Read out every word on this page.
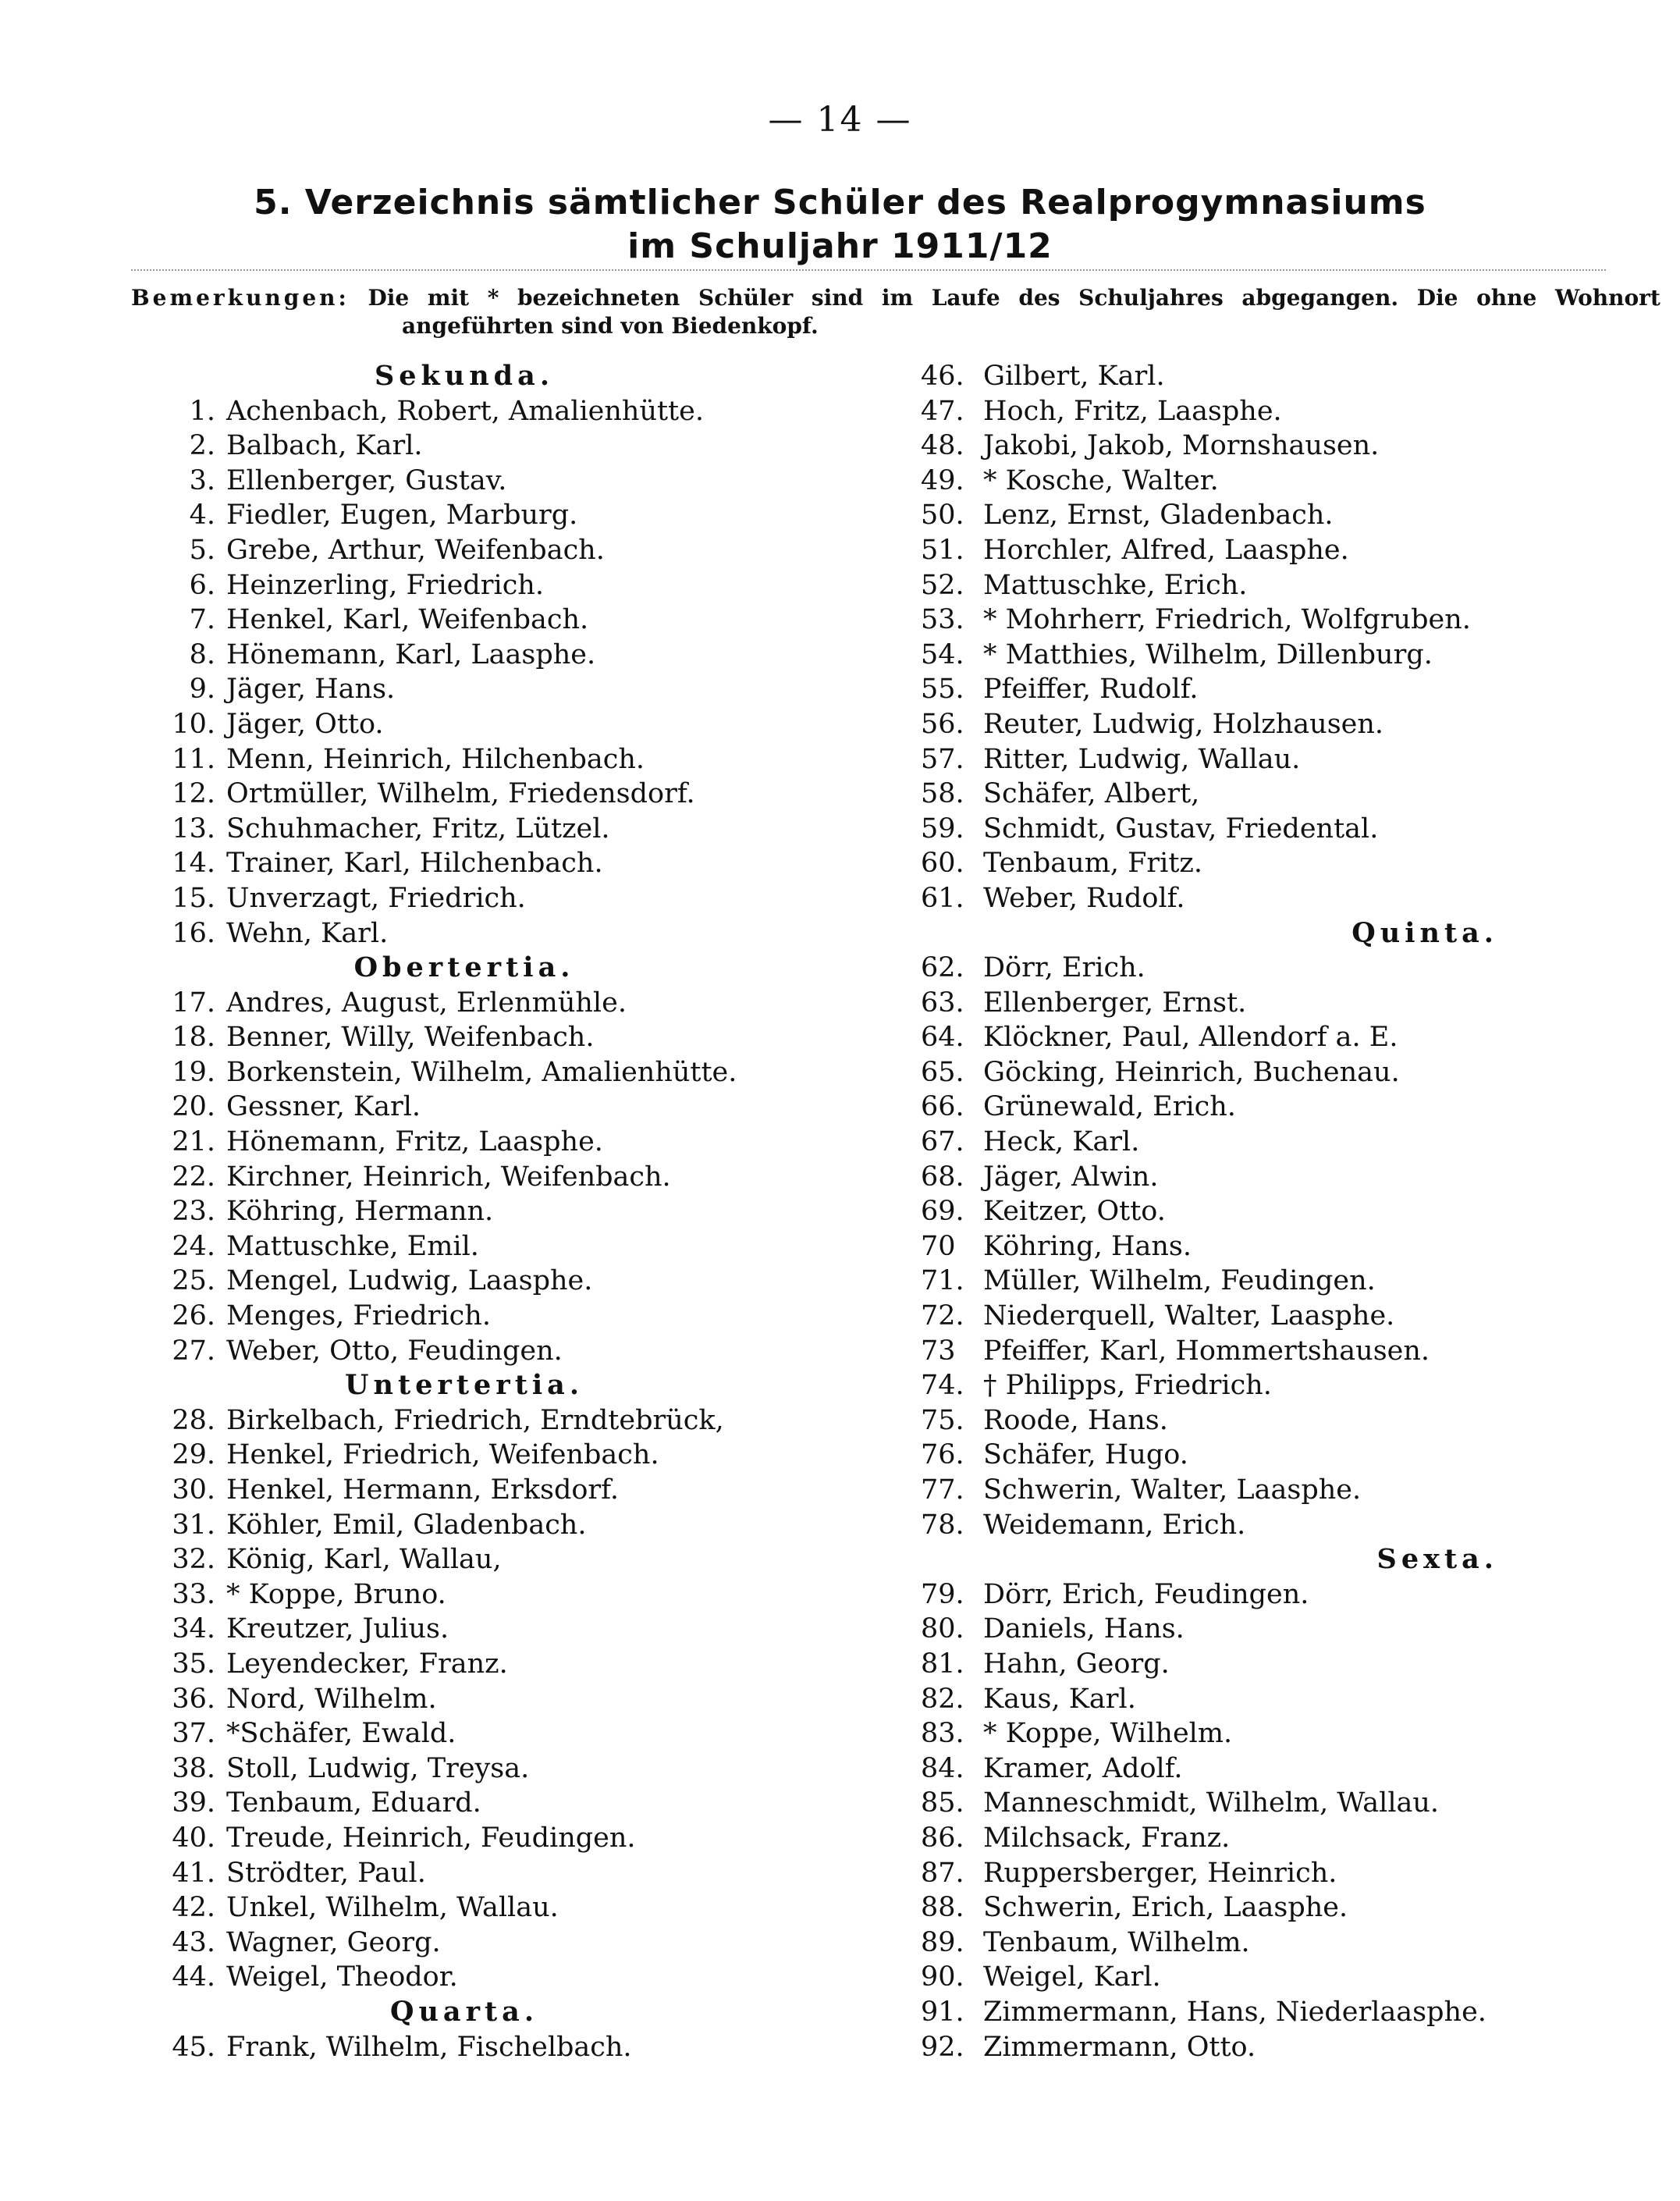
— 14 —
5. Verzeichnis sämtlicher Schüler des Realprogymnasiums
im Schuljahr 1911/12
Bemerkungen: Die mit * bezeichneten Schüler sind im Laufe des Schuljahres abgegangen. Die ohne Wohnort
angeführten sind von Biedenkopf.
Sekunda.
1. Achenbach, Robert, Amalienhütte.
2. Balbach, Karl.
3. Ellenberger, Gustav.
4. Fiedler, Eugen, Marburg.
5. Grebe, Arthur, Weifenbach.
6. Heinzerling, Friedrich.
7. Henkel, Karl, Weifenbach.
8. Hönemann, Karl, Laasphe.
9. Jäger, Hans.
10. Jäger, Otto.
11. Menn, Heinrich, Hilchenbach.
12. Ortmüller, Wilhelm, Friedensdorf.
13. Schuhmacher, Fritz, Lützel.
14. Trainer, Karl, Hilchenbach.
15. Unverzagt, Friedrich.
16. Wehn, Karl.
Obertertia.
17. Andres, August, Erlenmühle.
18. Benner, Willy, Weifenbach.
19. Borkenstein, Wilhelm, Amalienhütte.
20. Gessner, Karl.
21. Hönemann, Fritz, Laasphe.
22. Kirchner, Heinrich, Weifenbach.
23. Köhring, Hermann.
24. Mattuschke, Emil.
25. Mengel, Ludwig, Laasphe.
26. Menges, Friedrich.
27. Weber, Otto, Feudingen.
Untertertia.
28. Birkelbach, Friedrich, Erndtebrück,
29. Henkel, Friedrich, Weifenbach.
30. Henkel, Hermann, Erksdorf.
31. Köhler, Emil, Gladenbach.
32. König, Karl, Wallau,
33. * Koppe, Bruno.
34. Kreutzer, Julius.
35. Leyendecker, Franz.
36. Nord, Wilhelm.
37. *Schäfer, Ewald.
38. Stoll, Ludwig, Treysa.
39. Tenbaum, Eduard.
40. Treude, Heinrich, Feudingen.
41. Strödter, Paul.
42. Unkel, Wilhelm, Wallau.
43. Wagner, Georg.
44. Weigel, Theodor.
Quarta.
45. Frank, Wilhelm, Fischelbach.
46. Gilbert, Karl.
47. Hoch, Fritz, Laasphe.
48. Jakobi, Jakob, Mornshausen.
49. * Kosche, Walter.
50. Lenz, Ernst, Gladenbach.
51. Horchler, Alfred, Laasphe.
52. Mattuschke, Erich.
53. * Mohrherr, Friedrich, Wolfgruben.
54. * Matthies, Wilhelm, Dillenburg.
55. Pfeiffer, Rudolf.
56. Reuter, Ludwig, Holzhausen.
57. Ritter, Ludwig, Wallau.
58. Schäfer, Albert,
59. Schmidt, Gustav, Friedental.
60. Tenbaum, Fritz.
61. Weber, Rudolf.
Quinta.
62. Dörr, Erich.
63. Ellenberger, Ernst.
64. Klöckner, Paul, Allendorf a. E.
65. Göcking, Heinrich, Buchenau.
66. Grünewald, Erich.
67. Heck, Karl.
68. Jäger, Alwin.
69. Keitzer, Otto.
70 Köhring, Hans.
71. Müller, Wilhelm, Feudingen.
72. Niederquell, Walter, Laasphe.
73 Pfeiffer, Karl, Hommertshausen.
74. † Philipps, Friedrich.
75. Roode, Hans.
76. Schäfer, Hugo.
77. Schwerin, Walter, Laasphe.
78. Weidemann, Erich.
Sexta.
79. Dörr, Erich, Feudingen.
80. Daniels, Hans.
81. Hahn, Georg.
82. Kaus, Karl.
83. * Koppe, Wilhelm.
84. Kramer, Adolf.
85. Manneschmidt, Wilhelm, Wallau.
86. Milchsack, Franz.
87. Ruppersberger, Heinrich.
88. Schwerin, Erich, Laasphe.
89. Tenbaum, Wilhelm.
90. Weigel, Karl.
91. Zimmermann, Hans, Niederlaasphe.
92. Zimmermann, Otto.
